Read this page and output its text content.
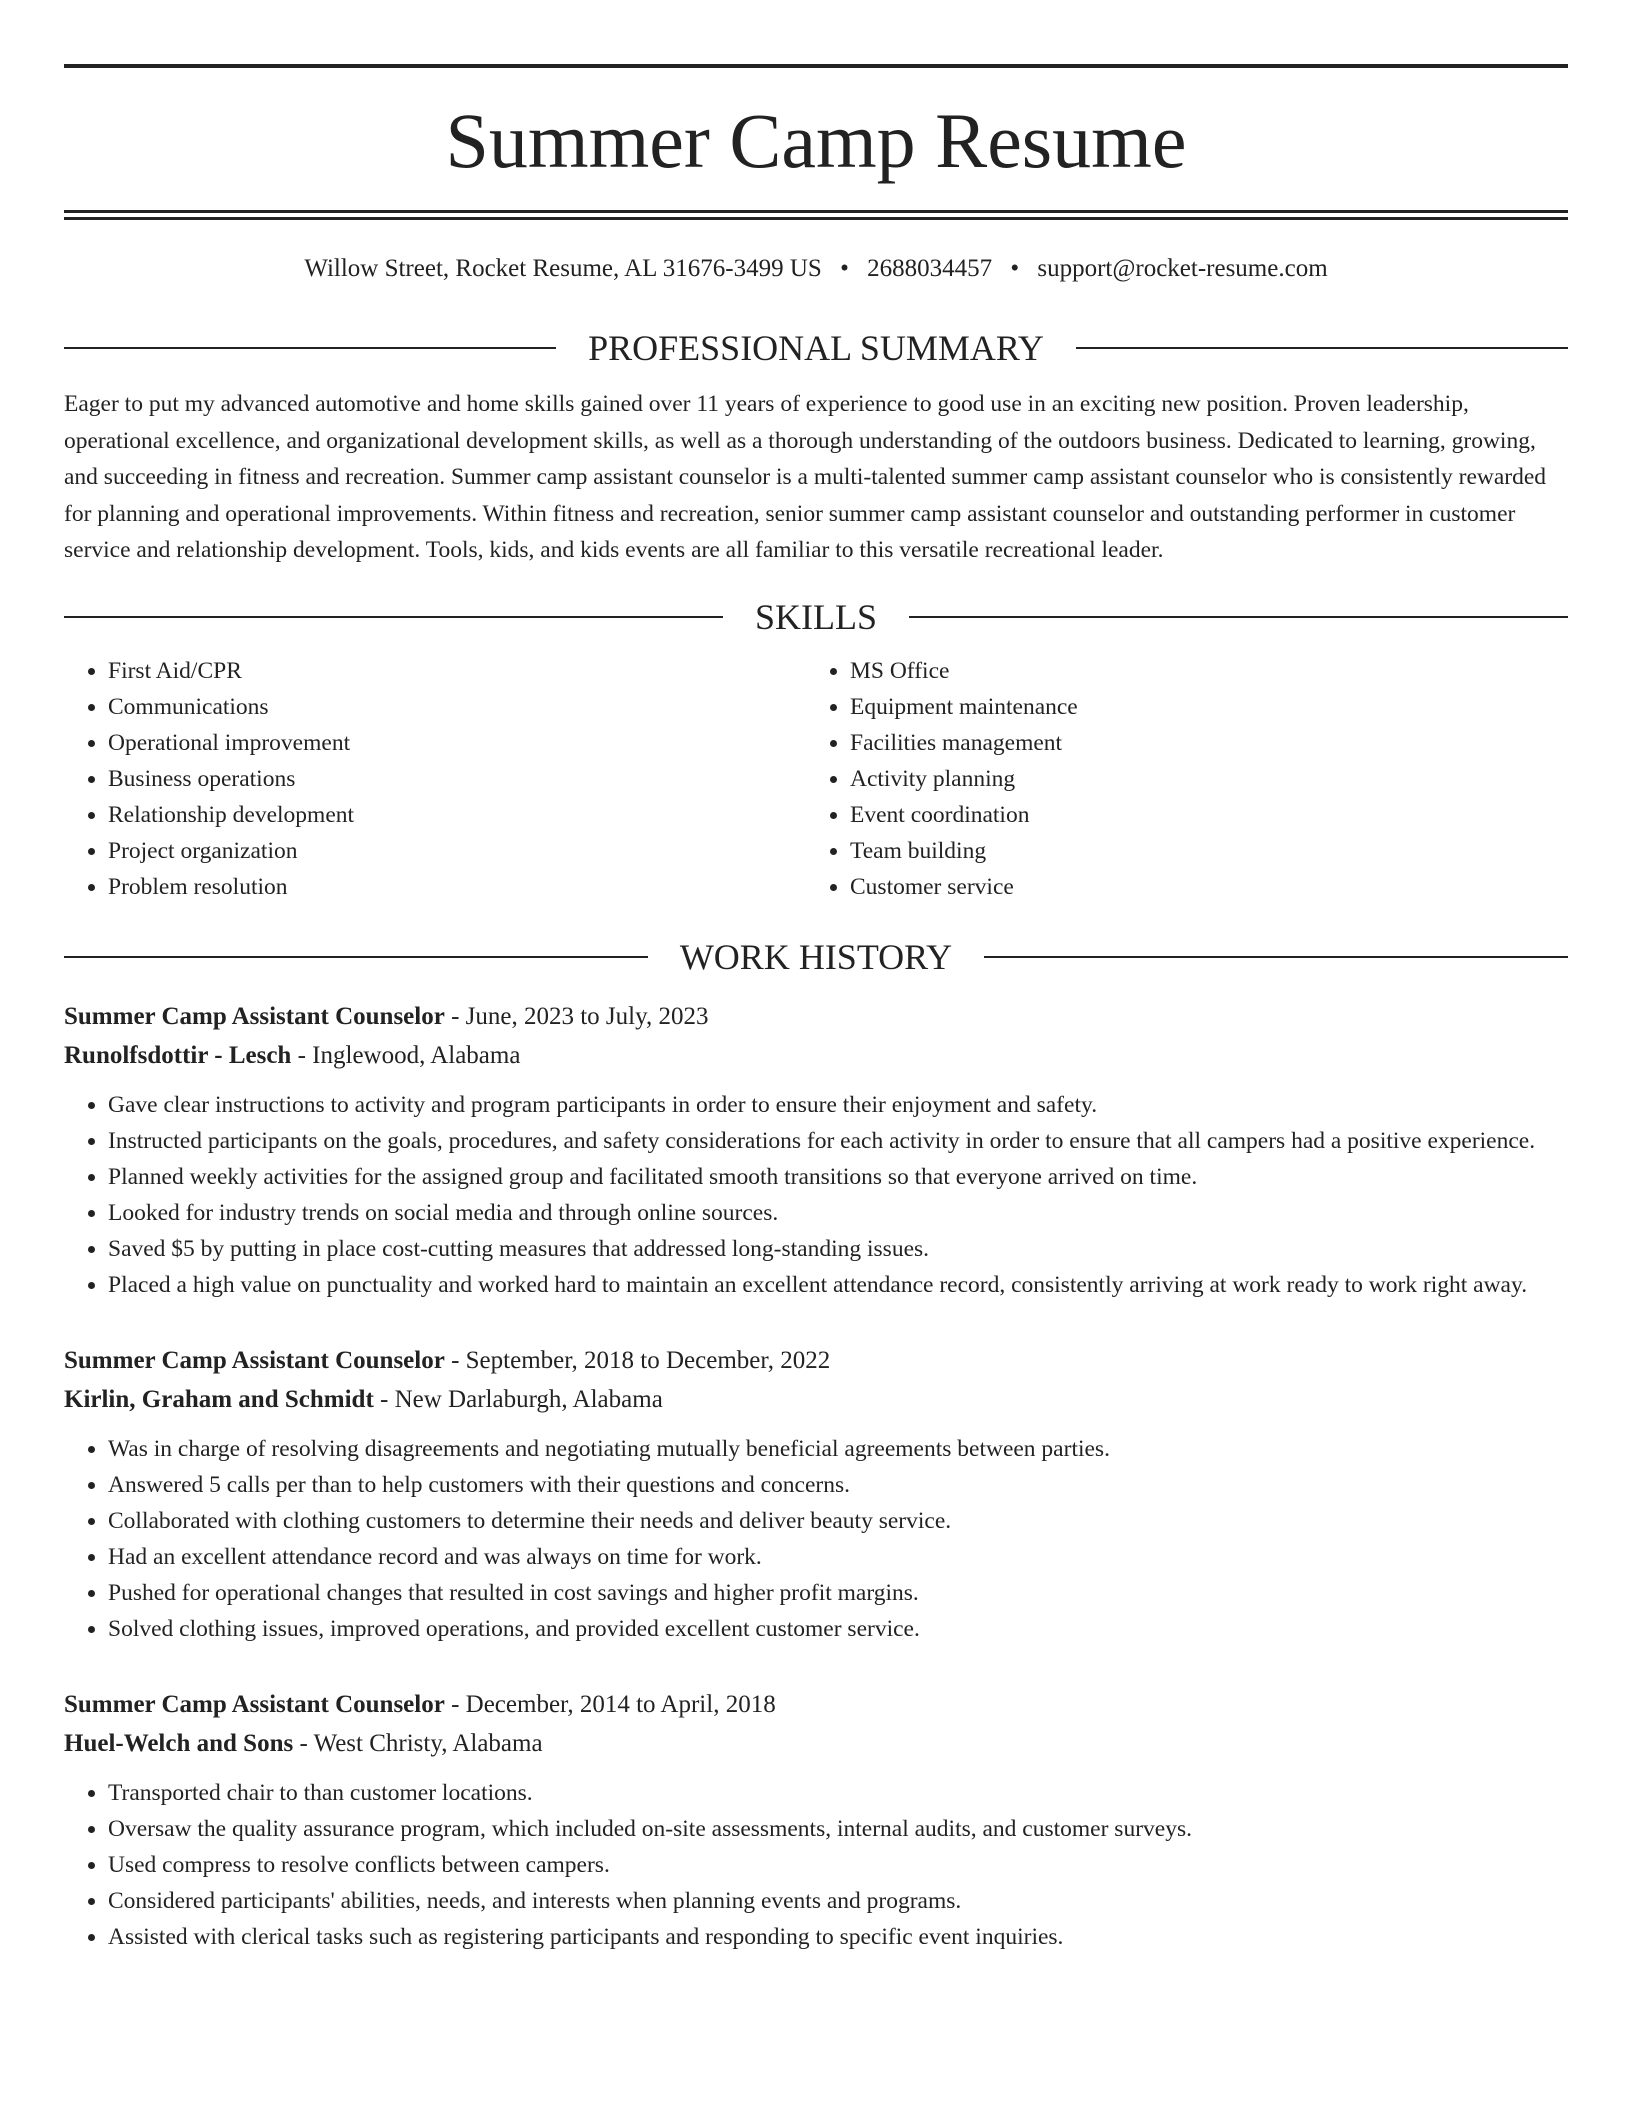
Summer Camp Resume
Willow Street, Rocket Resume, AL 31676-3499 US • 2688034457 • support@rocket-resume.com
PROFESSIONAL SUMMARY

Eager to put my advanced automotive and home skills gained over 11 years of experience to good use in an exciting new position. Proven leadership, operational excellence, and organizational development skills, as well as a thorough understanding of the outdoors business. Dedicated to learning, growing, and succeeding in fitness and recreation. Summer camp assistant counselor is a multi-talented summer camp assistant counselor who is consistently rewarded for planning and operational improvements. Within fitness and recreation, senior summer camp assistant counselor and outstanding performer in customer service and relationship development. Tools, kids, and kids events are all familiar to this versatile recreational leader.

SKILLS
• First Aid/CPR
• Communications
• Operational improvement
• Business operations
• Relationship development
• Project organization
• Problem resolution
• MS Office
• Equipment maintenance
• Facilities management
• Activity planning
• Event coordination
• Team building
• Customer service
WORK HISTORY
Summer Camp Assistant Counselor - June, 2023 to July, 2023
Runolfsdottir - Lesch - Inglewood, Alabama
• Gave clear instructions to activity and program participants in order to ensure their enjoyment and safety.
• Instructed participants on the goals, procedures, and safety considerations for each activity in order to ensure that all campers had a positive experience.
• Planned weekly activities for the assigned group and facilitated smooth transitions so that everyone arrived on time.
• Looked for industry trends on social media and through online sources.
• Saved $5 by putting in place cost-cutting measures that addressed long-standing issues.
• Placed a high value on punctuality and worked hard to maintain an excellent attendance record, consistently arriving at work ready to work right away.
Summer Camp Assistant Counselor - September, 2018 to December, 2022
Kirlin, Graham and Schmidt - New Darlaburgh, Alabama
• Was in charge of resolving disagreements and negotiating mutually beneficial agreements between parties.
• Answered 5 calls per than to help customers with their questions and concerns.
• Collaborated with clothing customers to determine their needs and deliver beauty service.
• Had an excellent attendance record and was always on time for work.
• Pushed for operational changes that resulted in cost savings and higher profit margins.
• Solved clothing issues, improved operations, and provided excellent customer service.
Summer Camp Assistant Counselor - December, 2014 to April, 2018
Huel-Welch and Sons - West Christy, Alabama
• Transported chair to than customer locations.
• Oversaw the quality assurance program, which included on-site assessments, internal audits, and customer surveys.
• Used compress to resolve conflicts between campers.
• Considered participants' abilities, needs, and interests when planning events and programs.
• Assisted with clerical tasks such as registering participants and responding to specific event inquiries.
